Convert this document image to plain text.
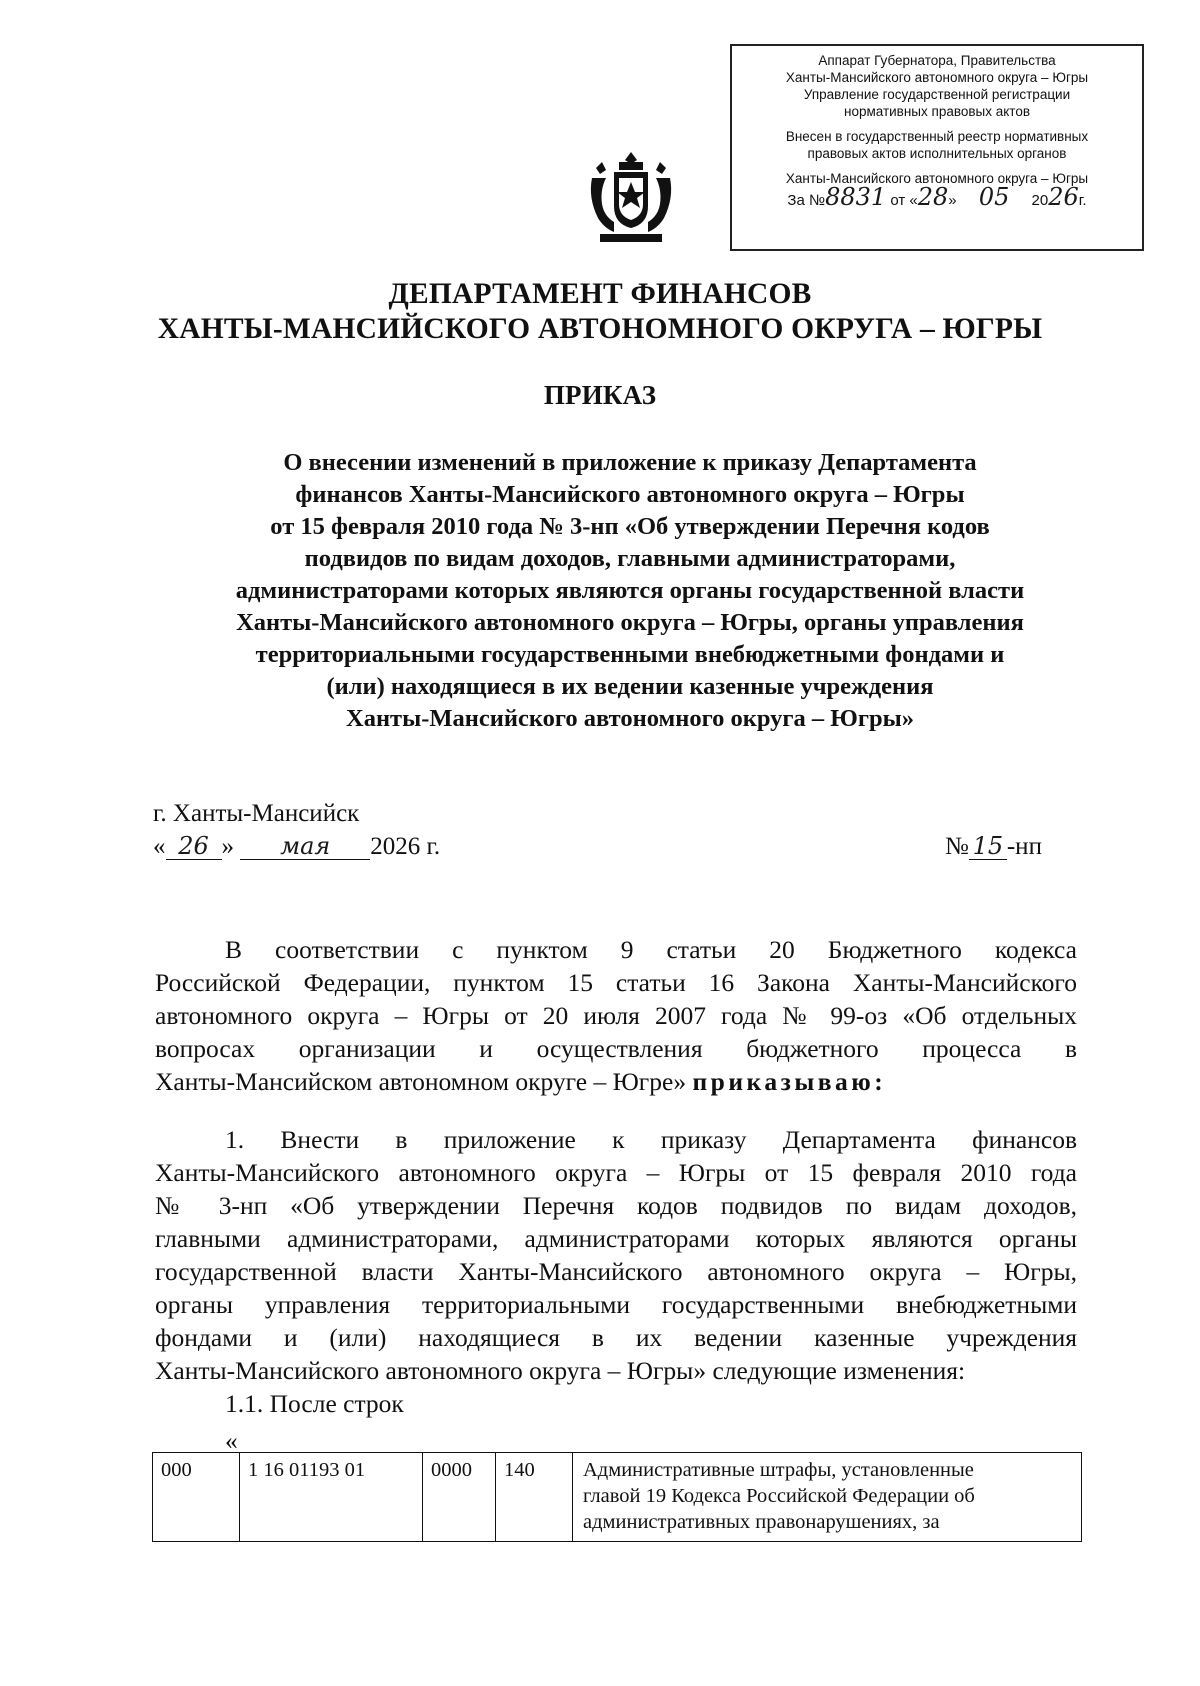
Аппарат Губернатора, Правительства
Ханты-Мансийского автономного округа – Югры
Управление государственной регистрации
нормативных правовых актов
Внесен в государственный реестр нормативных
правовых актов исполнительных органов
Ханты-Мансийского автономного округа – Югры
За №8831 от «28» 05 2026г.
ДЕПАРТАМЕНТ ФИНАНСОВ
ХАНТЫ-МАНСИЙСКОГО АВТОНОМНОГО ОКРУГА – ЮГРЫ
ПРИКАЗ
О внесении изменений в приложение к приказу Департамента
финансов Ханты-Мансийского автономного округа – Югры
от 15 февраля 2010 года № 3-нп «Об утверждении Перечня кодов
подвидов по видам доходов, главными администраторами,
администраторами которых являются органы государственной власти
Ханты-Мансийского автономного округа – Югры, органы управления
территориальными государственными внебюджетными фондами и
(или) находящиеся в их ведении казенные учреждения
Ханты-Мансийского автономного округа – Югры»
г. Ханты-Мансийск
« 26 » мая 2026 г.	№ 15 -нп
В соответствии с пунктом 9 статьи 20 Бюджетного кодекса
Российской Федерации, пунктом 15 статьи 16 Закона Ханты-Мансийского
автономного округа – Югры от 20 июля 2007 года № 99-оз «Об отдельных
вопросах организации и осуществления бюджетного процесса в
Ханты-Мансийском автономном округе – Югре» приказываю:
1. Внести в приложение к приказу Департамента финансов
Ханты-Мансийского автономного округа – Югры от 15 февраля 2010 года
№ 3-нп «Об утверждении Перечня кодов подвидов по видам доходов,
главными администраторами, администраторами которых являются органы
государственной власти Ханты-Мансийского автономного округа – Югры,
органы управления территориальными государственными внебюджетными
фондами и (или) находящиеся в их ведении казенные учреждения
Ханты-Мансийского автономного округа – Югры» следующие изменения:
1.1. После строк
«
000	1 16 01193 01	0000	140	Административные штрафы, установленные
главой 19 Кодекса Российской Федерации об
административных правонарушениях, за
